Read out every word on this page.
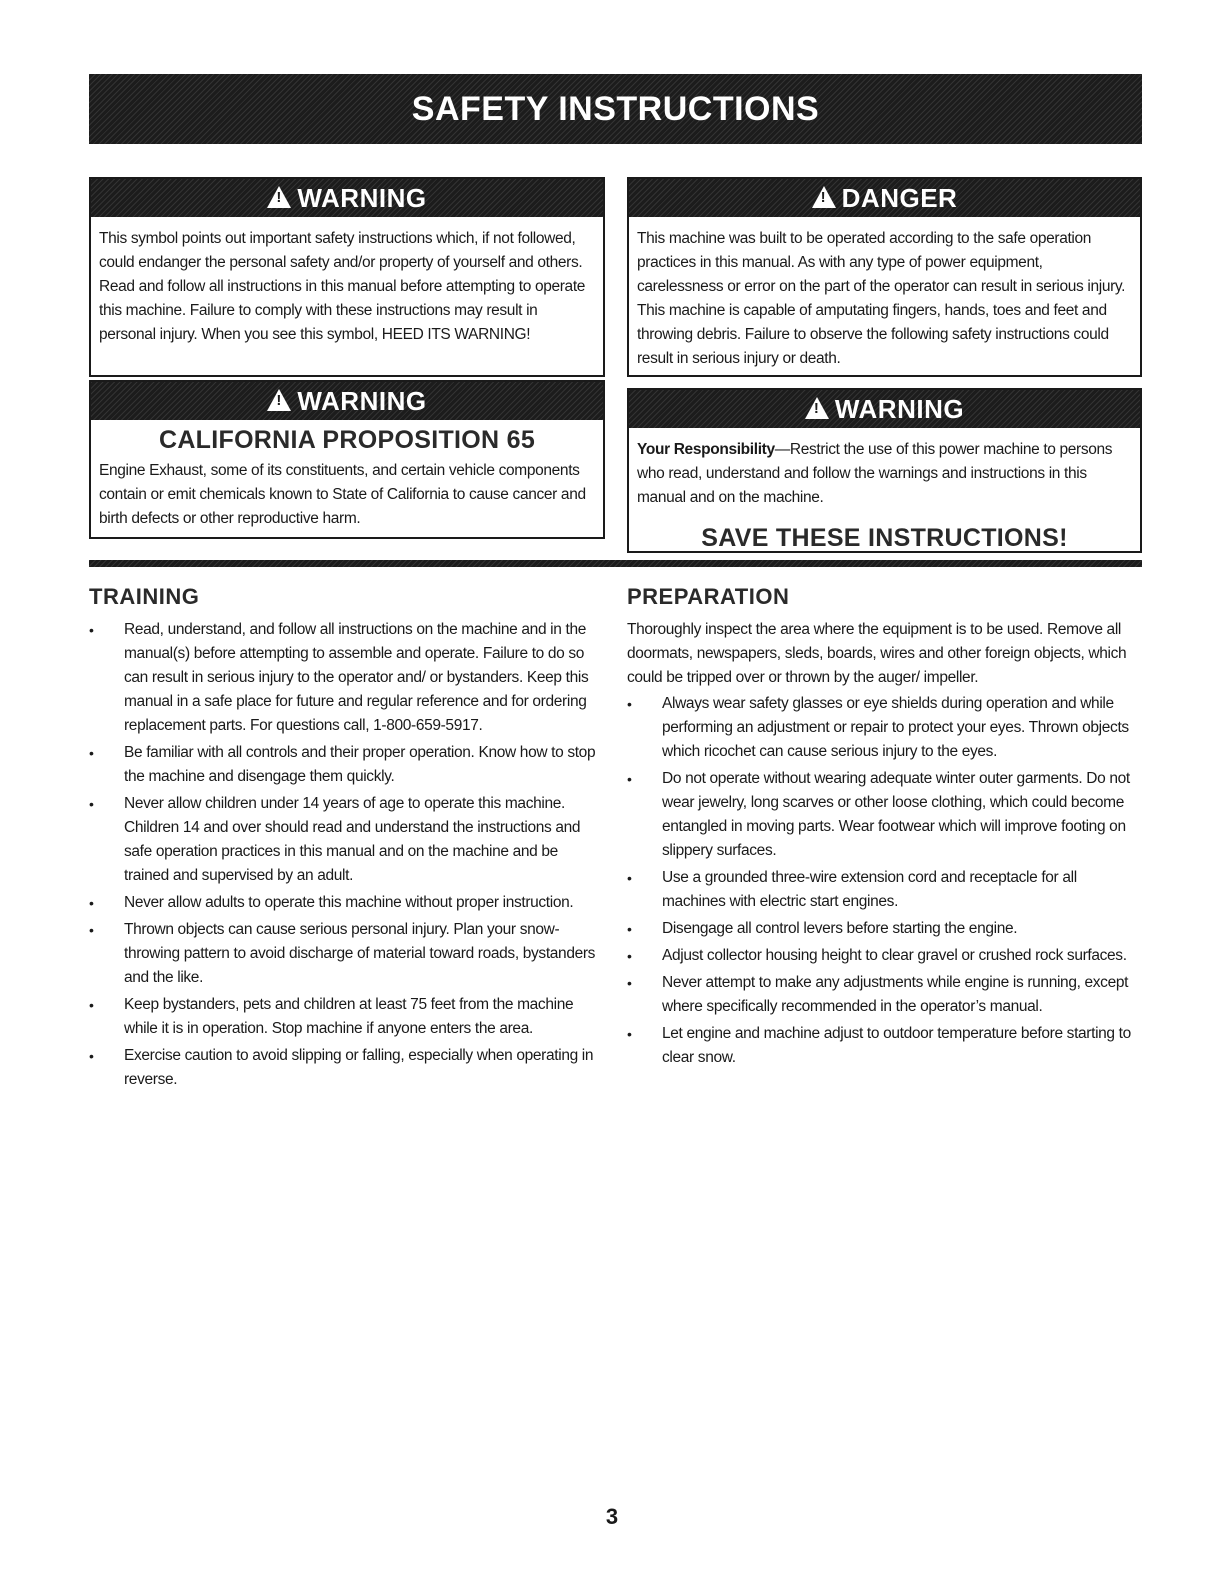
SAFETY INSTRUCTIONS
!
WARNING
This symbol points out important safety instructions which, if not followed, could endanger the personal safety and/or property of yourself and others. Read and follow all instructions in this manual before attempting to operate this machine. Failure to comply with these instructions may result in personal injury. When you see this symbol, HEED ITS WARNING!
!
DANGER
This machine was built to be operated according to the safe operation practices in this manual. As with any type of power equipment, carelessness or error on the part of the operator can result in serious injury. This machine is capable of amputating fingers, hands, toes and feet and throwing debris. Failure to observe the following safety instructions could result in serious injury or death.
!
WARNING
CALIFORNIA PROPOSITION 65
Engine Exhaust, some of its constituents, and certain vehicle components contain or emit chemicals known to State of California to cause cancer and birth defects or other reproductive harm.
!
WARNING
Your Responsibility—Restrict the use of this power machine to persons who read, understand and follow the warnings and instructions in this manual and on the machine.
SAVE THESE INSTRUCTIONS!
TRAINING
•	Read, understand, and follow all instructions on the machine and in the manual(s) before attempting to assemble and operate. Failure to do so can result in serious injury to the operator and/ or bystanders. Keep this manual in a safe place for future and regular reference and for ordering replacement parts. For questions call, 1-800-659-5917.
•	Be familiar with all controls and their proper operation. Know how to stop the machine and disengage them quickly.
•	Never allow children under 14 years of age to operate this machine. Children 14 and over should read and understand the instructions and safe operation practices in this manual and on the machine and be trained and supervised by an adult.
•	Never allow adults to operate this machine without proper instruction.
•	Thrown objects can cause serious personal injury. Plan your snow-throwing pattern to avoid discharge of material toward roads, bystanders and the like.
•	Keep bystanders, pets and children at least 75 feet from the machine while it is in operation. Stop machine if anyone enters the area.
•	Exercise caution to avoid slipping or falling, especially when operating in reverse.
PREPARATION

Thoroughly inspect the area where the equipment is to be used. Remove all doormats, newspapers, sleds, boards, wires and other foreign objects, which could be tripped over or thrown by the auger/ impeller.

•	Always wear safety glasses or eye shields during operation and while performing an adjustment or repair to protect your eyes. Thrown objects which ricochet can cause serious injury to the eyes.
•	Do not operate without wearing adequate winter outer garments. Do not wear jewelry, long scarves or other loose clothing, which could become entangled in moving parts. Wear footwear which will improve footing on slippery surfaces.
•	Use a grounded three-wire extension cord and receptacle for all machines with electric start engines.
•	Disengage all control levers before starting the engine.
•	Adjust collector housing height to clear gravel or crushed rock surfaces.
•	Never attempt to make any adjustments while engine is running, except where specifically recommended in the operator’s manual.
•	Let engine and machine adjust to outdoor temperature before starting to clear snow.
3
